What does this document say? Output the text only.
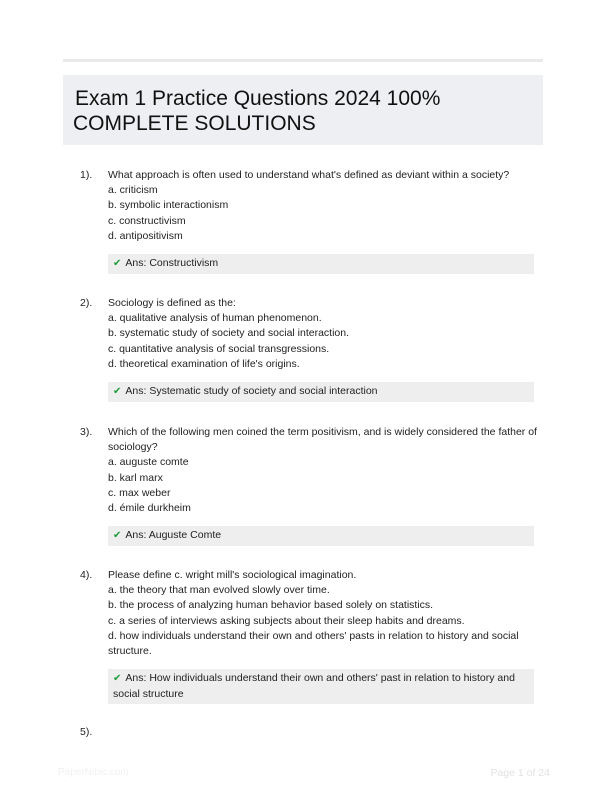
Exam 1 Practice Questions 2024 100%
COMPLETE SOLUTIONS
1). What approach is often used to understand what's defined as deviant within a society?
a. criticism
b. symbolic interactionism
c. constructivism
d. antipositivism
✔ Ans: Constructivism
2). Sociology is defined as the:
a. qualitative analysis of human phenomenon.
b. systematic study of society and social interaction.
c. quantitative analysis of social transgressions.
d. theoretical examination of life's origins.
✔ Ans: Systematic study of society and social interaction
3). Which of the following men coined the term positivism, and is widely considered the father of sociology?
a. auguste comte
b. karl marx
c. max weber
d. émile durkheim
✔ Ans: Auguste Comte
4). Please define c. wright mill's sociological imagination.
a. the theory that man evolved slowly over time.
b. the process of analyzing human behavior based solely on statistics.
c. a series of interviews asking subjects about their sleep habits and dreams.
d. how individuals understand their own and others' pasts in relation to history and social structure.
✔ Ans: How individuals understand their own and others' past in relation to history and social structure
5).
PaperNibic.com	Page 1 of 24
